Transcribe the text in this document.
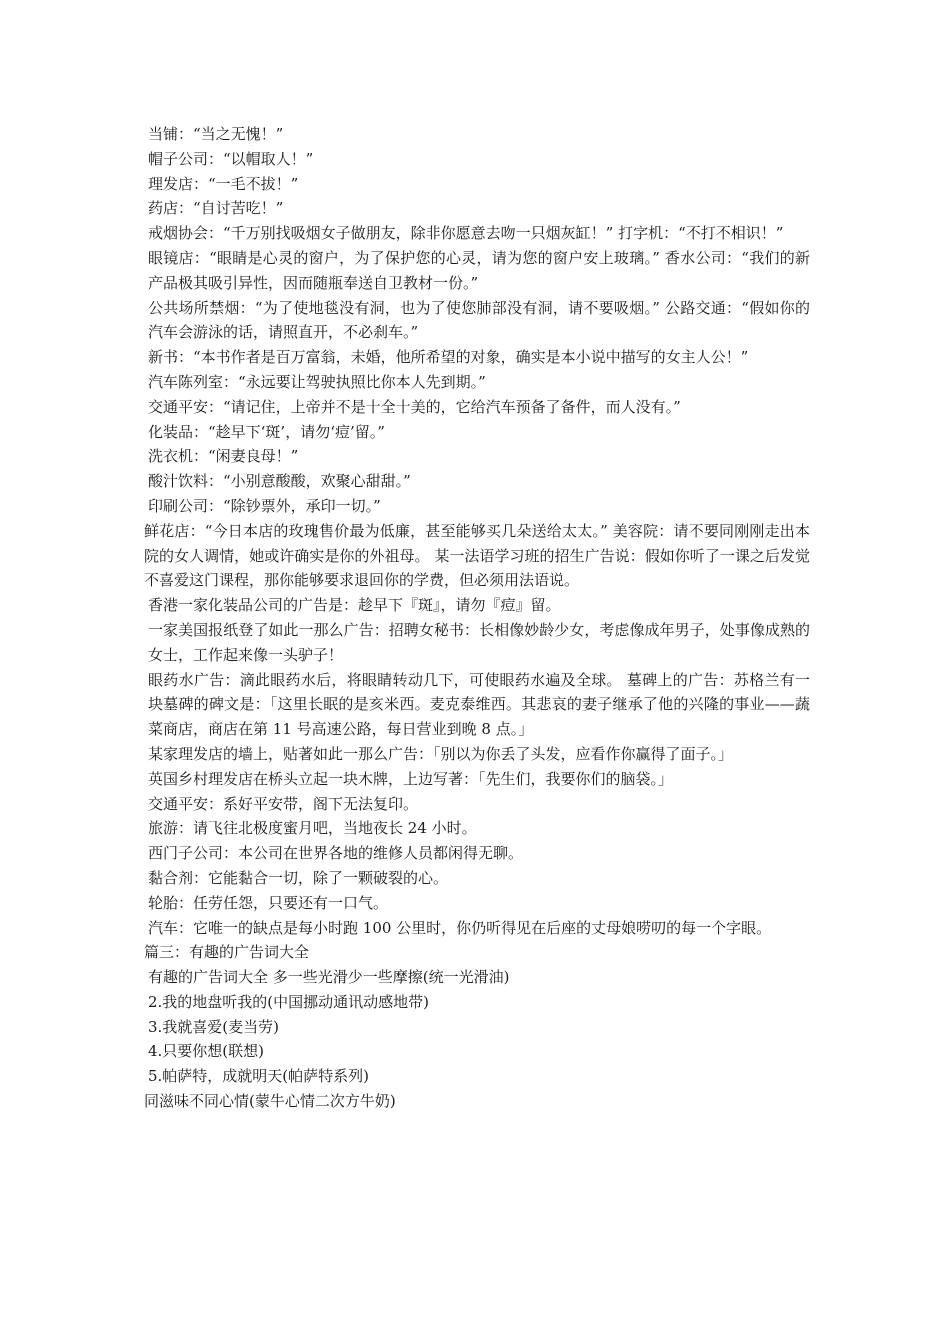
当铺：“当之无愧！”

帽子公司：“以帽取人！”

理发店：“一毛不拔！”

药店：“自讨苦吃！”

戒烟协会：“千万别找吸烟女子做朋友，除非你愿意去吻一只烟灰缸！” 打字机：“不打不相识！”

眼镜店：“眼睛是心灵的窗户，为了保护您的心灵，请为您的窗户安上玻璃。” 香水公司：“我们的新产品极其吸引异性，因而随瓶奉送自卫教材一份。”

公共场所禁烟：“为了使地毯没有洞，也为了使您肺部没有洞，请不要吸烟。” 公路交通：“假如你的汽车会游泳的话，请照直开，不必刹车。”

新书：“本书作者是百万富翁，未婚，他所希望的对象，确实是本小说中描写的女主人公！”

汽车陈列室：“永远要让驾驶执照比你本人先到期。”

交通平安：“请记住，上帝并不是十全十美的，它给汽车预备了备件，而人没有。”

化装品：“趁早下‘斑’，请勿‘痘’留。”

洗衣机：“闲妻良母！”

酸汁饮料：“小别意酸酸，欢聚心甜甜。”

印刷公司：“除钞票外，承印一切。”

鲜花店：“今日本店的玫瑰售价最为低廉，甚至能够买几朵送给太太。” 美容院：请不要同刚刚走出本院的女人调情，她或许确实是你的外祖母。 某一法语学习班的招生广告说：假如你听了一课之后发觉不喜爱这门课程，那你能够要求退回你的学费，但必须用法语说。

香港一家化装品公司的广告是：趁早下『斑』，请勿『痘』留。

一家美国报纸登了如此一那么广告：招聘女秘书：长相像妙龄少女，考虑像成年男子，处事像成熟的女士，工作起来像一头驴子！

眼药水广告：滴此眼药水后，将眼睛转动几下，可使眼药水遍及全球。 墓碑上的广告：苏格兰有一块墓碑的碑文是：「这里长眠的是亥米西。麦克泰维西。其悲哀的妻子继承了他的兴隆的事业——蔬菜商店，商店在第 11 号高速公路，每日营业到晚 8 点。」

某家理发店的墙上，贴著如此一那么广告：「别以为你丢了头发，应看作你赢得了面子。」

英国乡村理发店在桥头立起一块木牌，上边写著：「先生们，我要你们的脑袋。」

交通平安：系好平安带，阁下无法复印。

旅游：请飞往北极度蜜月吧，当地夜长 24 小时。

西门子公司：本公司在世界各地的维修人员都闲得无聊。

黏合剂：它能黏合一切，除了一颗破裂的心。

轮胎：任劳任怨，只要还有一口气。

汽车：它唯一的缺点是每小时跑 100 公里时，你仍听得见在后座的丈母娘唠叨的每一个字眼。

篇三：有趣的广告词大全

有趣的广告词大全 多一些光滑少一些摩擦(统一光滑油)

2.我的地盘听我的(中国挪动通讯动感地带)

3.我就喜爱(麦当劳)

4.只要你想(联想)

5.帕萨特，成就明天(帕萨特系列)

同滋味不同心情(蒙牛心情二次方牛奶)
